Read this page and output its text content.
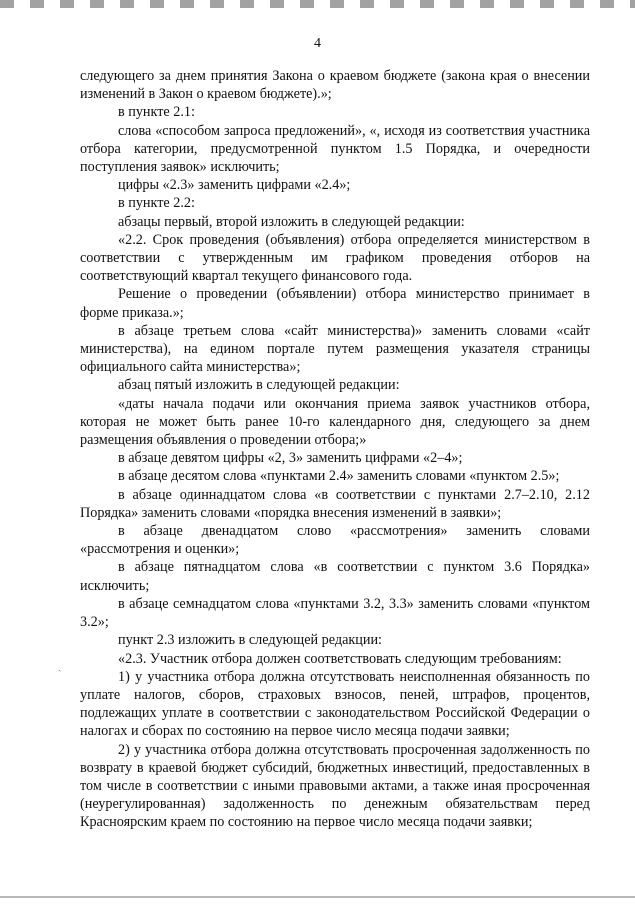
4
ˏ

следующего за днем принятия Закона о краевом бюджете (закона края о внесении изменений в Закон о краевом бюджете).»;

в пункте 2.1:

слова «способом запроса предложений», «, исходя из соответствия участника отбора категории, предусмотренной пунктом 1.5 Порядка, и очередности поступления заявок» исключить;

цифры «2.3» заменить цифрами «2.4»;

в пункте 2.2:

абзацы первый, второй изложить в следующей редакции:

«2.2. Срок проведения (объявления) отбора определяется министерством в соответствии с утвержденным им графиком проведения отборов на соответствующий квартал текущего финансового года.

Решение о проведении (объявлении) отбора министерство принимает в форме приказа.»;

в абзаце третьем слова «сайт министерства)» заменить словами «сайт министерства), на едином портале путем размещения указателя страницы официального сайта министерства»;

абзац пятый изложить в следующей редакции:

«даты начала подачи или окончания приема заявок участников отбора, которая не может быть ранее 10-го календарного дня, следующего за днем размещения объявления о проведении отбора;»

в абзаце девятом цифры «2, 3» заменить цифрами «2–4»;

в абзаце десятом слова «пунктами 2.4» заменить словами «пунктом 2.5»;

в абзаце одиннадцатом слова «в соответствии с пунктами 2.7–2.10, 2.12 Порядка» заменить словами «порядка внесения изменений в заявки»;

в абзаце двенадцатом слово «рассмотрения» заменить словами «рассмотрения и оценки»;

в абзаце пятнадцатом слова «в соответствии с пунктом 3.6 Порядка» исключить;

в абзаце семнадцатом слова «пунктами 3.2, 3.3» заменить словами «пунктом 3.2»;

пункт 2.3 изложить в следующей редакции:

«2.3. Участник отбора должен соответствовать следующим требованиям:

1) у участника отбора должна отсутствовать неисполненная обязанность по уплате налогов, сборов, страховых взносов, пеней, штрафов, процентов, подлежащих уплате в соответствии с законодательством Российской Федерации о налогах и сборах по состоянию на первое число месяца подачи заявки;

2) у участника отбора должна отсутствовать просроченная задолженность по возврату в краевой бюджет субсидий, бюджетных инвестиций, предоставленных в том числе в соответствии с иными правовыми актами, а также иная просроченная (неурегулированная) задолженность по денежным обязательствам перед Красноярским краем по состоянию на первое число месяца подачи заявки;
